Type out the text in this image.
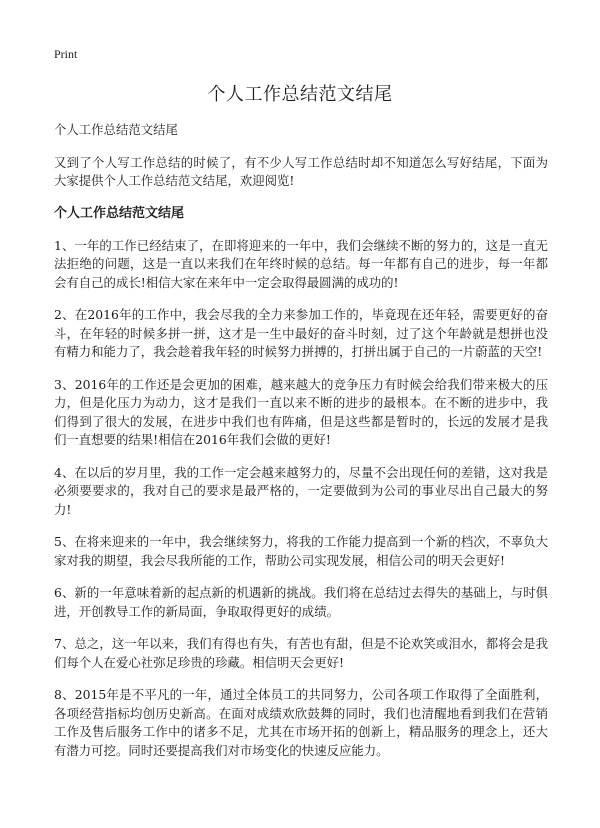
Print
个人工作总结范文结尾

个人工作总结范文结尾

又到了个人写工作总结的时候了，有不少人写工作总结时却不知道怎么写好结尾，下面为大家提供个人工作总结范文结尾，欢迎阅览!

个人工作总结范文结尾

1、一年的工作已经结束了，在即将迎来的一年中，我们会继续不断的努力的，这是一直无法拒绝的问题，这是一直以来我们在年终时候的总结。每一年都有自己的进步，每一年都会有自己的成长!相信大家在来年中一定会取得最圆满的成功的!

2、在2016年的工作中，我会尽我的全力来参加工作的，毕竟现在还年轻，需要更好的奋斗，在年轻的时候多拼一拼，这才是一生中最好的奋斗时刻，过了这个年龄就是想拼也没有精力和能力了，我会趁着我年轻的时候努力拼搏的，打拼出属于自己的一片蔚蓝的天空!

3、2016年的工作还是会更加的困难，越来越大的竞争压力有时候会给我们带来极大的压力，但是化压力为动力，这才是我们一直以来不断的进步的最根本。在不断的进步中，我们得到了很大的发展，在进步中我们也有阵痛，但是这些都是暂时的，长远的发展才是我们一直想要的结果!相信在2016年我们会做的更好!

4、在以后的岁月里，我的工作一定会越来越努力的，尽量不会出现任何的差错，这对我是必须要要求的，我对自己的要求是最严格的，一定要做到为公司的事业尽出自己最大的努力!

5、在将来迎来的一年中，我会继续努力，将我的工作能力提高到一个新的档次，不辜负大家对我的期望，我会尽我所能的工作，帮助公司实现发展，相信公司的明天会更好!

6、新的一年意味着新的起点新的机遇新的挑战。我们将在总结过去得失的基础上，与时俱进，开创教导工作的新局面，争取取得更好的成绩。

7、总之，这一年以来，我们有得也有失，有苦也有甜，但是不论欢笑或泪水，都将会是我们每个人在爱心社弥足珍贵的珍藏。相信明天会更好!

8、2015年是不平凡的一年，通过全体员工的共同努力，公司各项工作取得了全面胜利，各项经营指标均创历史新高。在面对成绩欢欣鼓舞的同时，我们也清醒地看到我们在营销工作及售后服务工作中的诸多不足，尤其在市场开拓的创新上，精品服务的理念上，还大有潜力可挖。同时还要提高我们对市场变化的快速反应能力。
